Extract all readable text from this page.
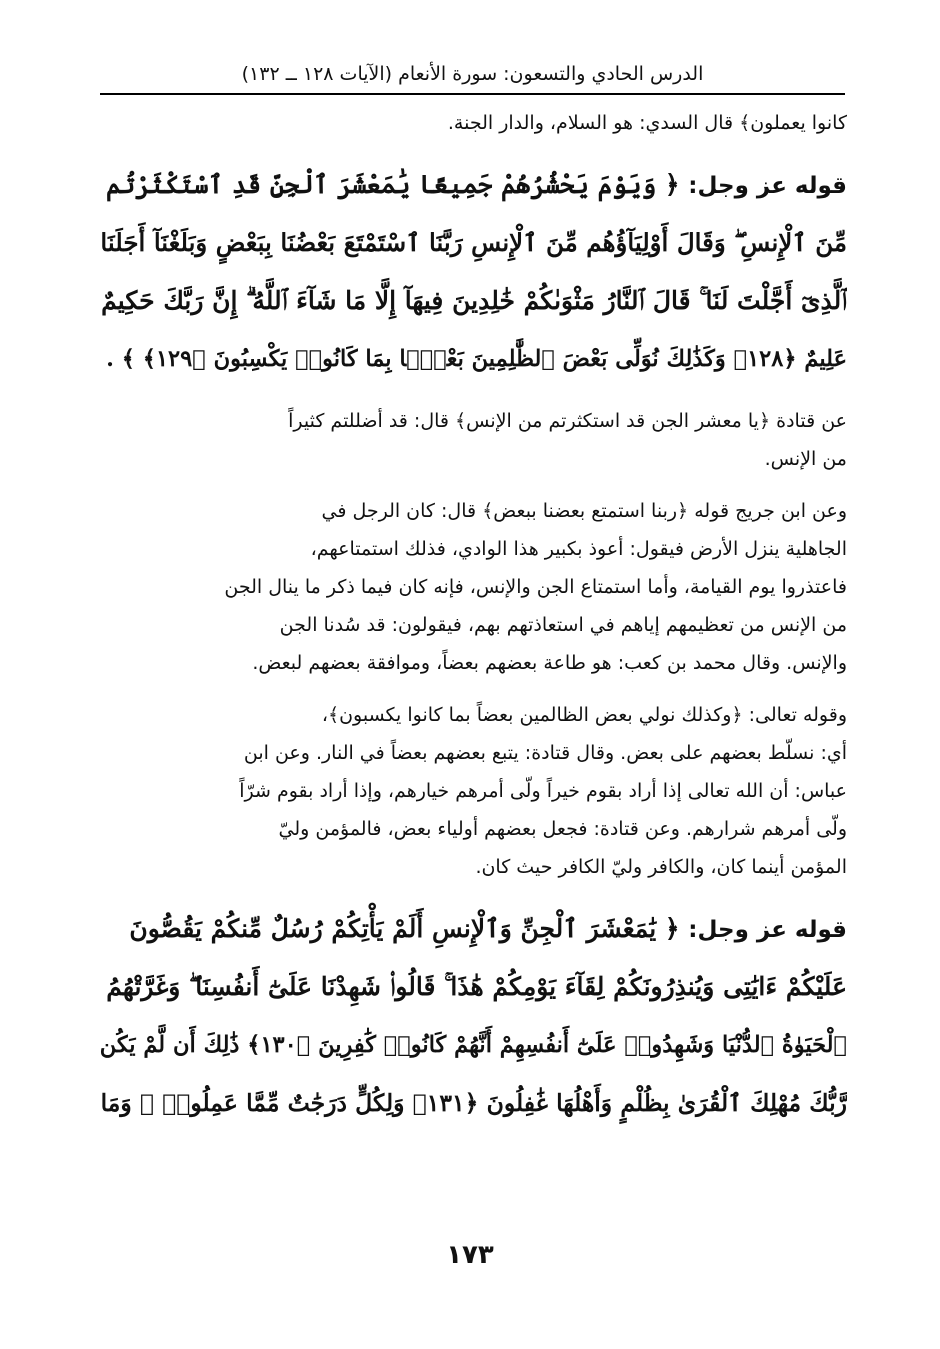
الدرس الحادي والتسعون: سورة الأنعام (الآيات ١٢٨ ــ ١٣٢)
كانوا يعملون﴾ قال السدي: هو السلام، والدار الجنة.
قوله عز وجل: ﴿ وَيَوْمَ يَحْشُرُهُمْ جَمِيعًا يَٰمَعْشَرَ ٱلْجِنِّ قَدِ ٱسْتَكْثَرْتُم
مِّنَ ٱلْإِنسِ ۖ وَقَالَ أَوْلِيَآؤُهُم مِّنَ ٱلْإِنسِ رَبَّنَا ٱسْتَمْتَعَ بَعْضُنَا بِبَعْضٍ وَبَلَغْنَآ أَجَلَنَا
ٱلَّذِىٓ أَجَّلْتَ لَنَا ۚ قَالَ ٱلنَّارُ مَثْوَىٰكُمْ خَٰلِدِينَ فِيهَآ إِلَّا مَا شَآءَ ٱللَّهُ ۗ إِنَّ رَبَّكَ حَكِيمٌ
عَلِيمٌ ﴿١٢٨﴾ وَكَذَٰلِكَ نُوَلِّى بَعْضَ ٱلظَّٰلِمِينَ بَعْضًۢا بِمَا كَانُوا۟ يَكْسِبُونَ ﴿١٢٩﴾ ﴾ .
عن قتادة ﴿يا معشر الجن قد استكثرتم من الإنس﴾ قال: قد أضللتم كثيراً
من الإنس.
وعن ابن جريج قوله ﴿ربنا استمتع بعضنا ببعض﴾ قال: كان الرجل في
الجاهلية ينزل الأرض فيقول: أعوذ بكبير هذا الوادي، فذلك استمتاعهم،
فاعتذروا يوم القيامة، وأما استمتاع الجن والإنس، فإنه كان فيما ذكر ما ينال الجن
من الإنس من تعظيمهم إياهم في استعاذتهم بهم، فيقولون: قد سُدنا الجن
والإنس. وقال محمد بن كعب: هو طاعة بعضهم بعضاً، وموافقة بعضهم لبعض.
وقوله تعالى: ﴿وكذلك نولي بعض الظالمين بعضاً بما كانوا يكسبون﴾،
أي: نسلّط بعضهم على بعض. وقال قتادة: يتبع بعضهم بعضاً في النار. وعن ابن
عباس: أن الله تعالى إذا أراد بقوم خيراً ولّى أمرهم خيارهم، وإذا أراد بقوم شرّاً
ولّى أمرهم شرارهم. وعن قتادة: فجعل بعضهم أولياء بعض، فالمؤمن وليّ
المؤمن أينما كان، والكافر وليّ الكافر حيث كان.
قوله عز وجل: ﴿ يَٰمَعْشَرَ ٱلْجِنِّ وَٱلْإِنسِ أَلَمْ يَأْتِكُمْ رُسُلٌ مِّنكُمْ يَقُصُّونَ
عَلَيْكُمْ ءَايَٰتِى وَيُنذِرُونَكُمْ لِقَآءَ يَوْمِكُمْ هَٰذَا ۚ قَالُوا۟ شَهِدْنَا عَلَىٰٓ أَنفُسِنَا ۖ وَغَرَّتْهُمُ
ٱلْحَيَوٰةُ ٱلدُّنْيَا وَشَهِدُوا۟ عَلَىٰٓ أَنفُسِهِمْ أَنَّهُمْ كَانُوا۟ كَٰفِرِينَ ﴿١٣٠﴾ ذَٰلِكَ أَن لَّمْ يَكُن
رَّبُّكَ مُهْلِكَ ٱلْقُرَىٰ بِظُلْمٍ وَأَهْلُهَا غَٰفِلُونَ ﴿١٣١﴾ وَلِكُلٍّ دَرَجَٰتٌ مِّمَّا عَمِلُوا۟ ۚ وَمَا
١٧٣
